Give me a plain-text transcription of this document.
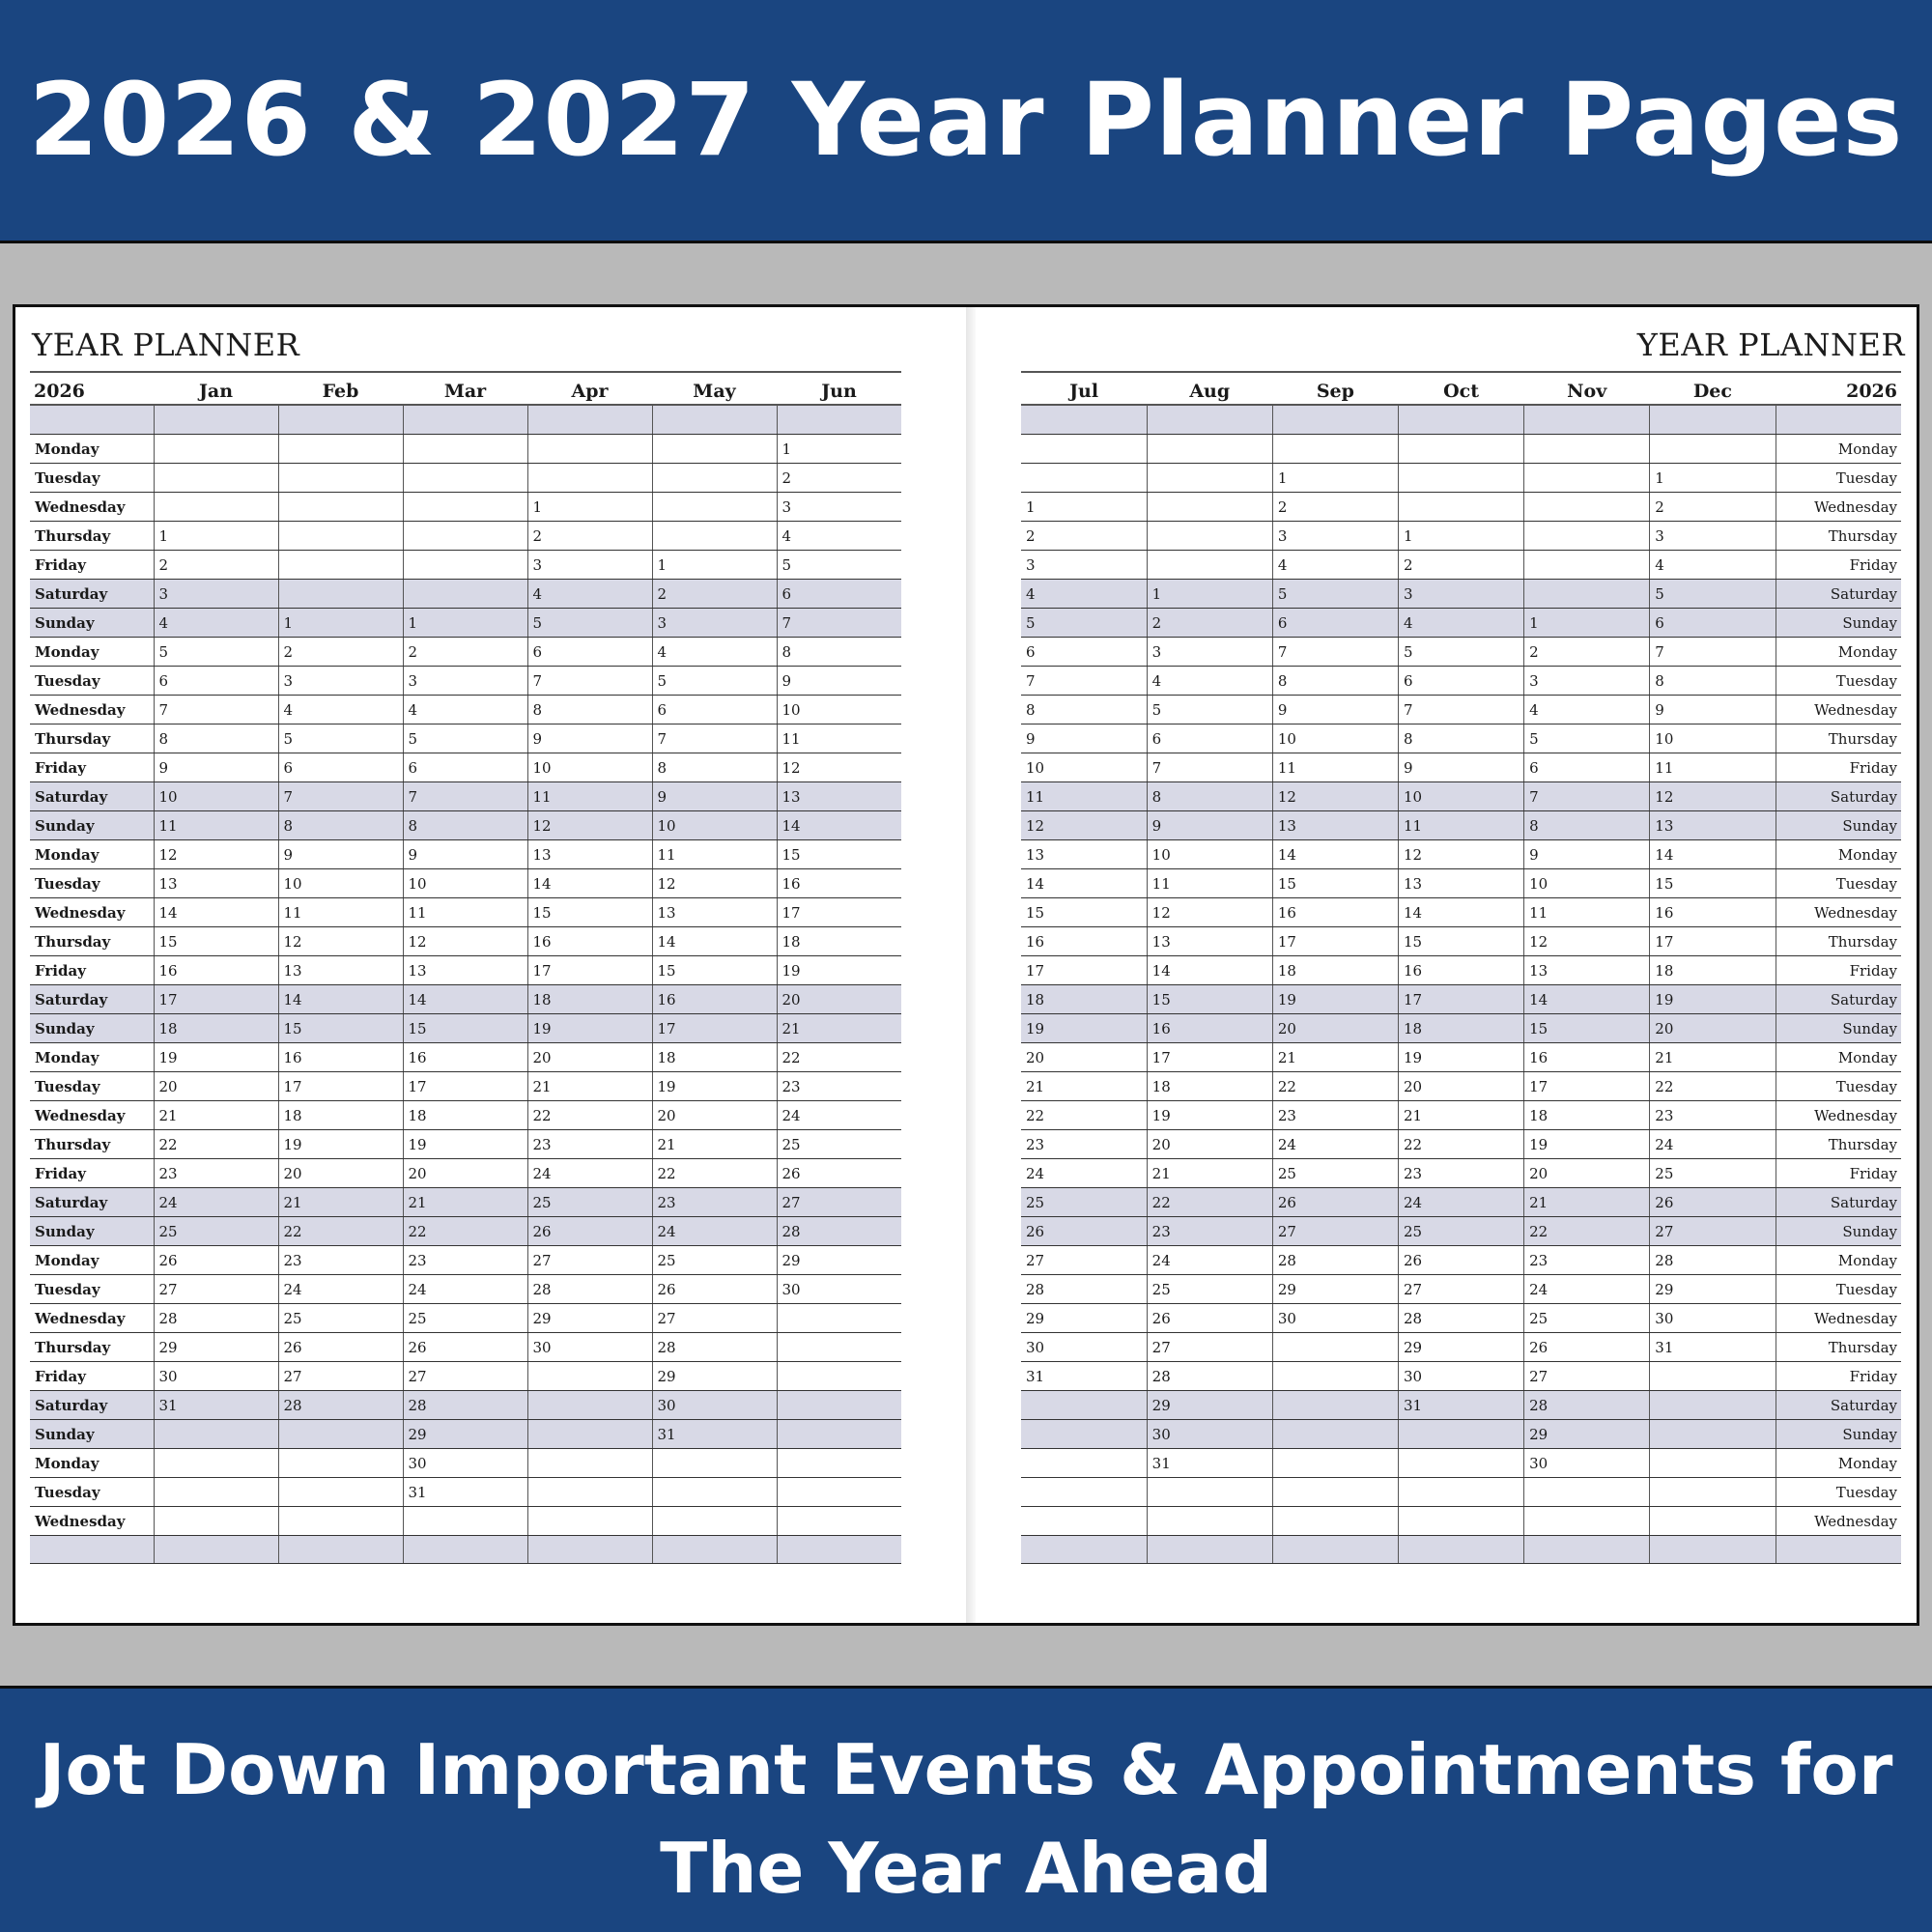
2026 & 2027 Year Planner Pages
YEAR PLANNER
2026	Jan	Feb	Mar	Apr	May	Jun

Monday						1
Tuesday						2
Wednesday				1		3
Thursday	1			2		4
Friday	2			3	1	5
Saturday	3			4	2	6
Sunday	4	1	1	5	3	7
Monday	5	2	2	6	4	8
Tuesday	6	3	3	7	5	9
Wednesday	7	4	4	8	6	10
Thursday	8	5	5	9	7	11
Friday	9	6	6	10	8	12
Saturday	10	7	7	11	9	13
Sunday	11	8	8	12	10	14
Monday	12	9	9	13	11	15
Tuesday	13	10	10	14	12	16
Wednesday	14	11	11	15	13	17
Thursday	15	12	12	16	14	18
Friday	16	13	13	17	15	19
Saturday	17	14	14	18	16	20
Sunday	18	15	15	19	17	21
Monday	19	16	16	20	18	22
Tuesday	20	17	17	21	19	23
Wednesday	21	18	18	22	20	24
Thursday	22	19	19	23	21	25
Friday	23	20	20	24	22	26
Saturday	24	21	21	25	23	27
Sunday	25	22	22	26	24	28
Monday	26	23	23	27	25	29
Tuesday	27	24	24	28	26	30
Wednesday	28	25	25	29	27	
Thursday	29	26	26	30	28	
Friday	30	27	27		29	
Saturday	31	28	28		30	
Sunday			29		31	
Monday			30			
Tuesday			31			
Wednesday						

YEAR PLANNER
Jul	Aug	Sep	Oct	Nov	Dec	2026

						Monday
		1			1	Tuesday
1		2			2	Wednesday
2		3	1		3	Thursday
3		4	2		4	Friday
4	1	5	3		5	Saturday
5	2	6	4	1	6	Sunday
6	3	7	5	2	7	Monday
7	4	8	6	3	8	Tuesday
8	5	9	7	4	9	Wednesday
9	6	10	8	5	10	Thursday
10	7	11	9	6	11	Friday
11	8	12	10	7	12	Saturday
12	9	13	11	8	13	Sunday
13	10	14	12	9	14	Monday
14	11	15	13	10	15	Tuesday
15	12	16	14	11	16	Wednesday
16	13	17	15	12	17	Thursday
17	14	18	16	13	18	Friday
18	15	19	17	14	19	Saturday
19	16	20	18	15	20	Sunday
20	17	21	19	16	21	Monday
21	18	22	20	17	22	Tuesday
22	19	23	21	18	23	Wednesday
23	20	24	22	19	24	Thursday
24	21	25	23	20	25	Friday
25	22	26	24	21	26	Saturday
26	23	27	25	22	27	Sunday
27	24	28	26	23	28	Monday
28	25	29	27	24	29	Tuesday
29	26	30	28	25	30	Wednesday
30	27		29	26	31	Thursday
31	28		30	27		Friday
	29		31	28		Saturday
	30			29		Sunday
	31			30		Monday
						Tuesday
						Wednesday

Jot Down Important Events & Appointments for
The Year Ahead
